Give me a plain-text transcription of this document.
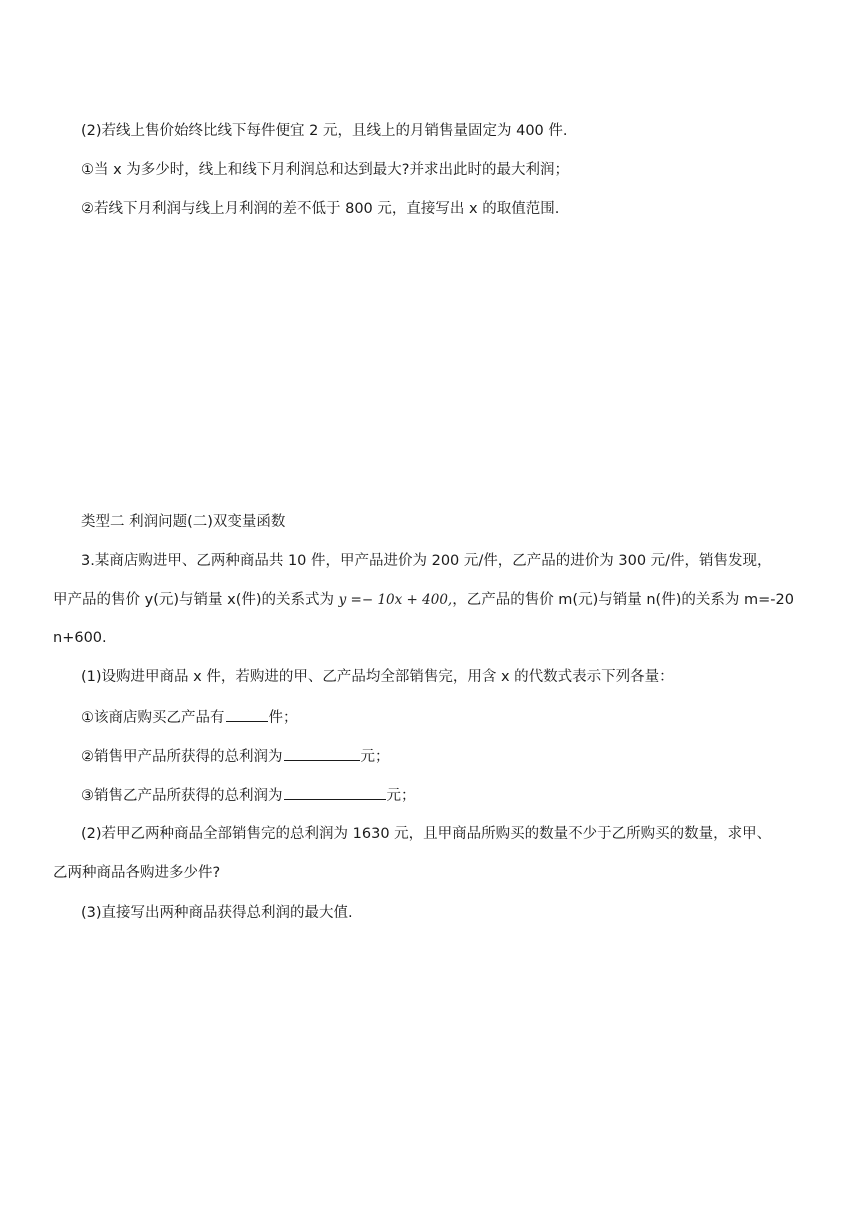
(2)若线上售价始终比线下每件便宜 2 元，且线上的月销售量固定为 400 件.
①当 x 为多少时，线上和线下月利润总和达到最大?并求出此时的最大利润；
②若线下月利润与线上月利润的差不低于 800 元，直接写出 x 的取值范围.
类型二 利润问题(二)双变量函数
3.某商店购进甲、乙两种商品共 10 件，甲产品进价为 200 元/件，乙产品的进价为 300 元/件，销售发现，
甲产品的售价 y(元)与销量 x(件)的关系式为 y =− 10x + 400,，乙产品的售价 m(元)与销量 n(件)的关系为 m=-20
n+600.
(1)设购进甲商品 x 件，若购进的甲、乙产品均全部销售完，用含 x 的代数式表示下列各量：
①该商店购买乙产品有	件；
②销售甲产品所获得的总利润为	元；
③销售乙产品所获得的总利润为	元；
(2)若甲乙两种商品全部销售完的总利润为 1630 元，且甲商品所购买的数量不少于乙所购买的数量，求甲、
乙两种商品各购进多少件?
(3)直接写出两种商品获得总利润的最大值.
